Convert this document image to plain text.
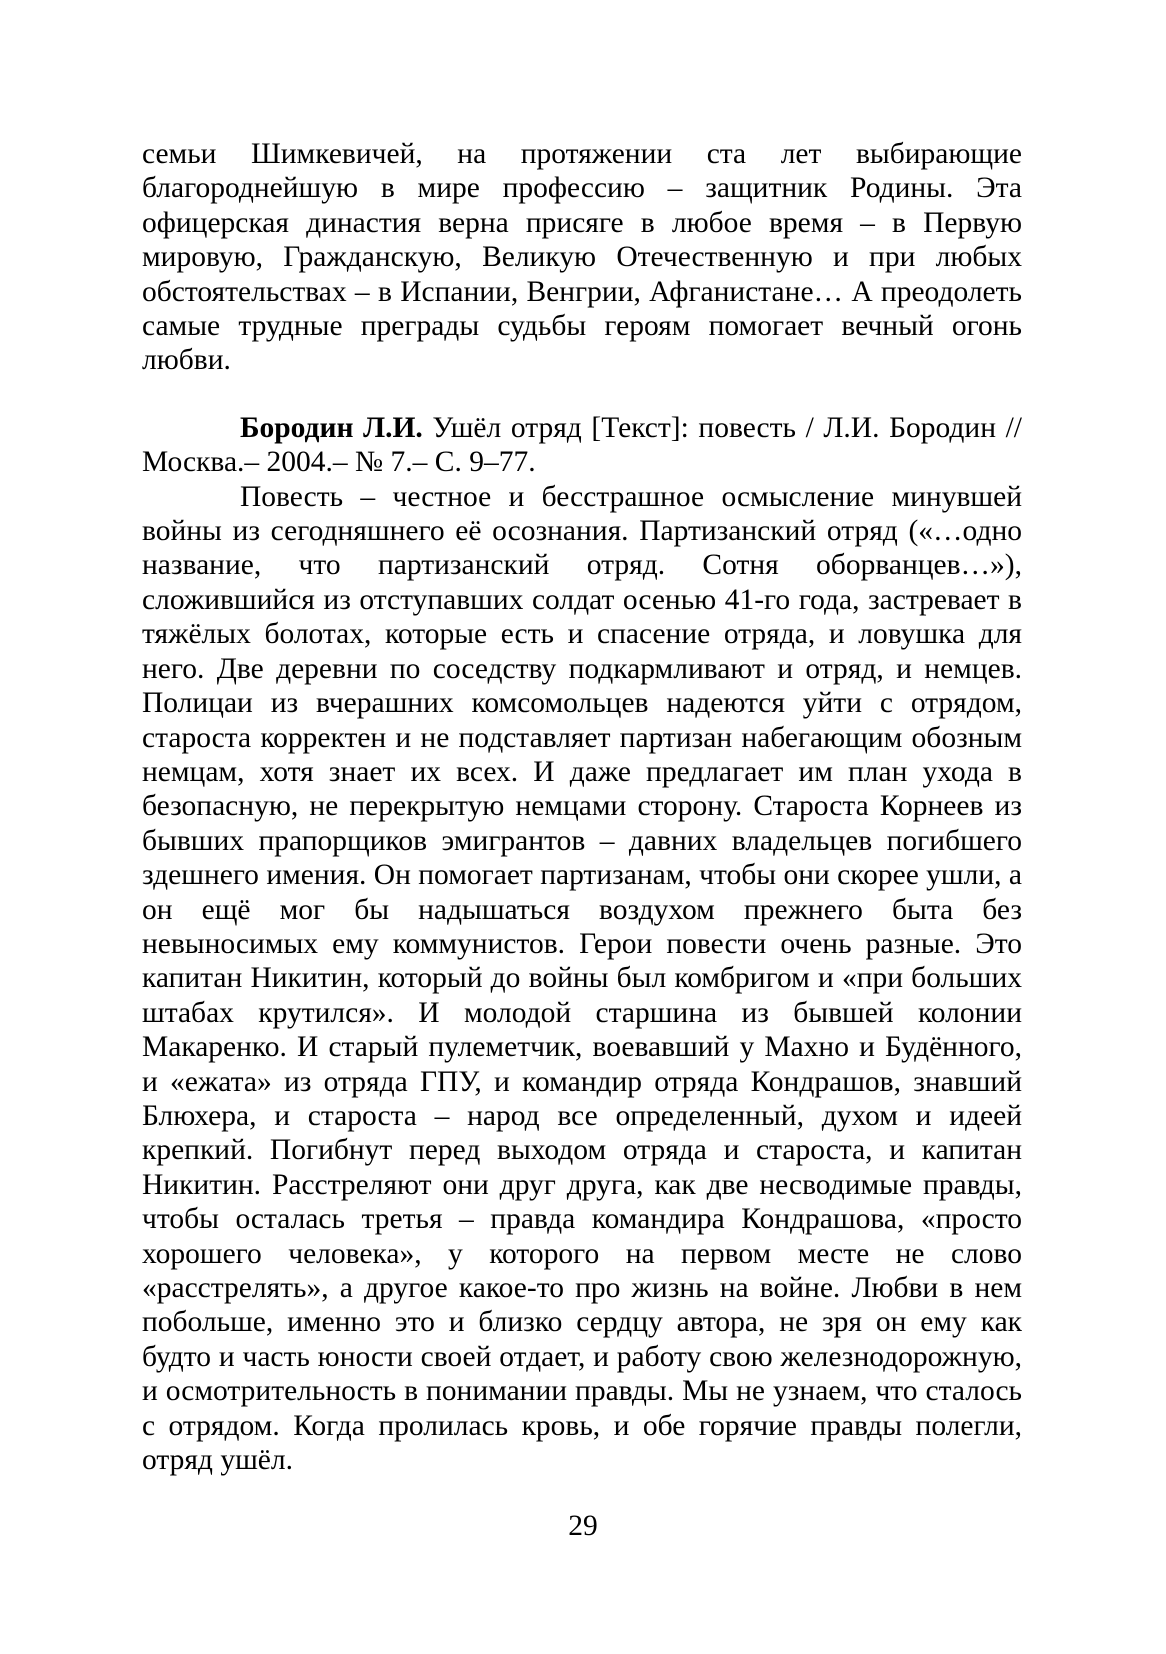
семьи Шимкевичей, на протяжении ста лет выбирающие благороднейшую в мире профессию – защитник Родины. Эта офицерская династия верна присяге в любое время – в Первую мировую, Гражданскую, Великую Отечественную и при любых обстоятельствах – в Испании, Венгрии, Афганистане… А преодолеть самые трудные преграды судьбы героям помогает вечный огонь любви.

Бородин Л.И. Ушёл отряд [Текст]: повесть / Л.И. Бородин // Москва.– 2004.– № 7.– С. 9–77.

Повесть – честное и бесстрашное осмысление минувшей войны из сегодняшнего её осознания. Партизанский отряд («…одно название, что партизанский отряд. Сотня оборванцев…»), сложившийся из отступавших солдат осенью 41-го года, застревает в тяжёлых болотах, которые есть и спасение отряда, и ловушка для него. Две деревни по соседству подкармливают и отряд, и немцев. Полицаи из вчерашних комсомольцев надеются уйти с отрядом, староста корректен и не подставляет партизан набегающим обозным немцам, хотя знает их всех. И даже предлагает им план ухода в безопасную, не перекрытую немцами сторону. Староста Корнеев из бывших прапорщиков эмигрантов – давних владельцев погибшего здешнего имения. Он помогает партизанам, чтобы они скорее ушли, а он ещё мог бы надышаться воздухом прежнего быта без невыносимых ему коммунистов. Герои повести очень разные. Это капитан Никитин, который до войны был комбригом и «при больших штабах крутился». И молодой старшина из бывшей колонии Макаренко. И старый пулеметчик, воевавший у Махно и Будённого, и «ежата» из отряда ГПУ, и командир отряда Кондрашов, знавший Блюхера, и староста – народ все определенный, духом и идеей крепкий. Погибнут перед выходом отряда и староста, и капитан Никитин. Расстреляют они друг друга, как две несводимые правды, чтобы осталась третья – правда командира Кондрашова, «просто хорошего человека», у которого на первом месте не слово «расстрелять», а другое какое-то про жизнь на войне. Любви в нем побольше, именно это и близко сердцу автора, не зря он ему как будто и часть юности своей отдает, и работу свою железнодорожную, и осмотрительность в понимании правды. Мы не узнаем, что сталось с отрядом. Когда пролилась кровь, и обе горячие правды полегли, отряд ушёл.

29
